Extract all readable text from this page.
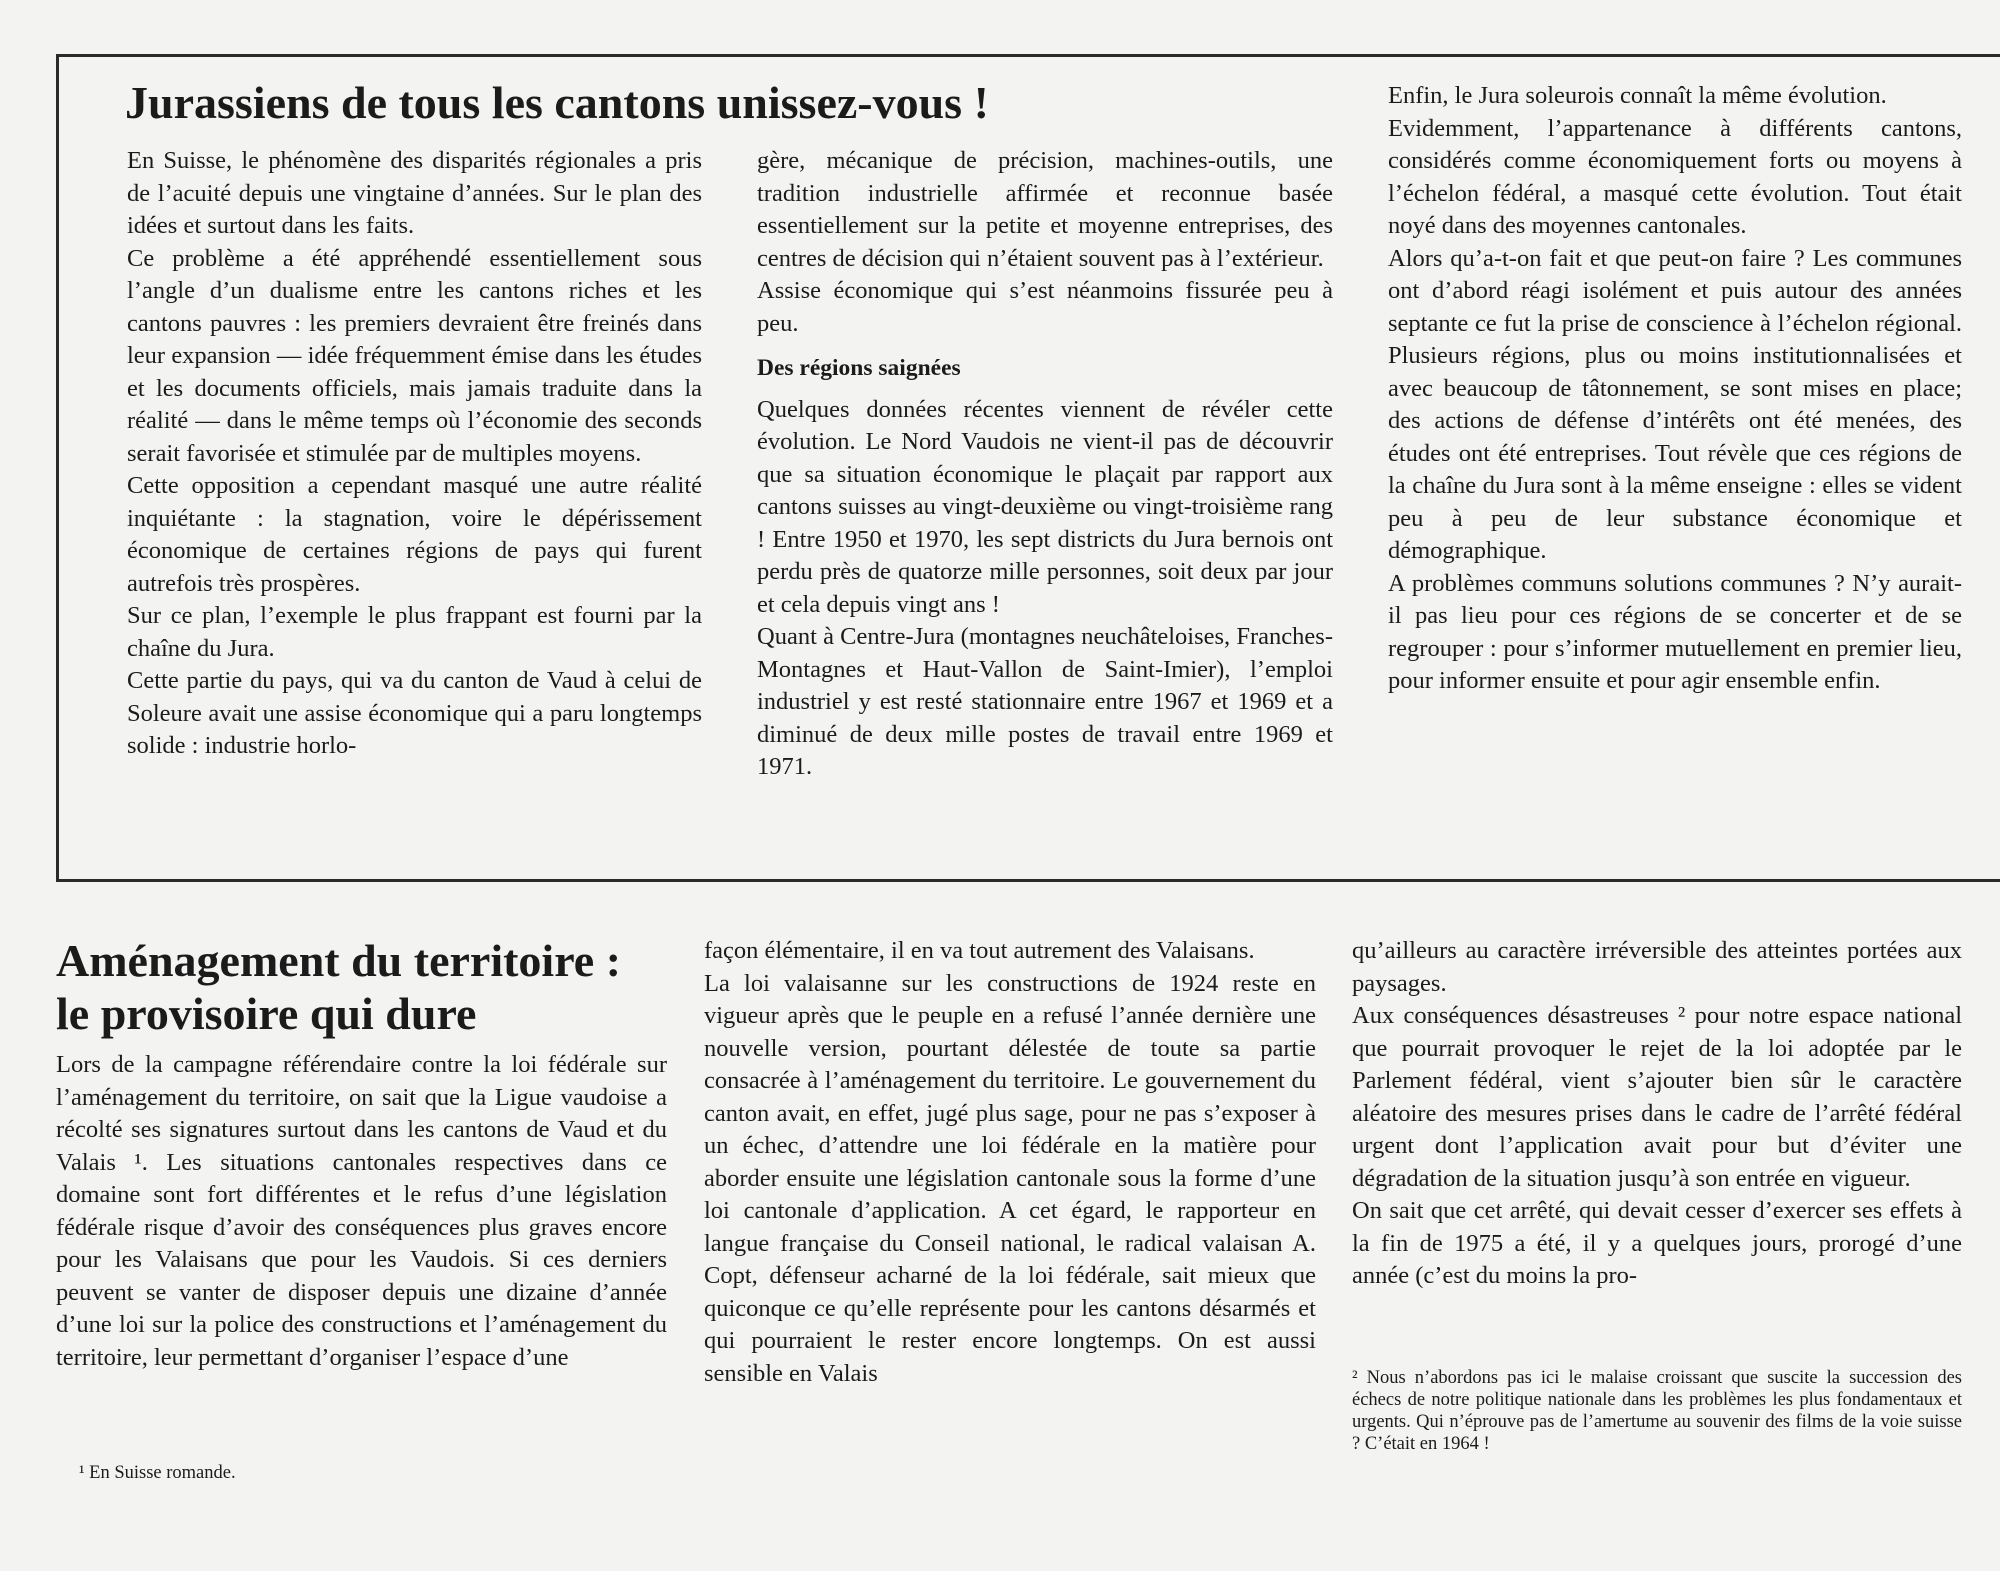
Jurassiens de tous les cantons unissez-vous !

En Suisse, le phénomène des disparités régionales a pris de l’acuité depuis une vingtaine d’années. Sur le plan des idées et surtout dans les faits.

Ce problème a été appréhendé essentiellement sous l’angle d’un dualisme entre les cantons riches et les cantons pauvres : les premiers devraient être freinés dans leur expansion — idée fréquemment émise dans les études et les documents officiels, mais jamais traduite dans la réalité — dans le même temps où l’économie des seconds serait favorisée et stimulée par de multiples moyens.

Cette opposition a cependant masqué une autre réalité inquiétante : la stagnation, voire le dépérissement économique de certaines régions de pays qui furent autrefois très prospères.

Sur ce plan, l’exemple le plus frappant est fourni par la chaîne du Jura.

Cette partie du pays, qui va du canton de Vaud à celui de Soleure avait une assise économique qui a paru longtemps solide : industrie horlo-

gère, mécanique de précision, machines-outils, une tradition industrielle affirmée et reconnue basée essentiellement sur la petite et moyenne entreprises, des centres de décision qui n’étaient souvent pas à l’extérieur.

Assise économique qui s’est néanmoins fissurée peu à peu.

Des régions saignées

Quelques données récentes viennent de révéler cette évolution. Le Nord Vaudois ne vient-il pas de découvrir que sa situation économique le plaçait par rapport aux cantons suisses au vingt-deuxième ou vingt-troisième rang ! Entre 1950 et 1970, les sept districts du Jura bernois ont perdu près de quatorze mille personnes, soit deux par jour et cela depuis vingt ans !

Quant à Centre-Jura (montagnes neuchâteloises, Franches-Montagnes et Haut-Vallon de Saint-Imier), l’emploi industriel y est resté stationnaire entre 1967 et 1969 et a diminué de deux mille postes de travail entre 1969 et 1971.

Enfin, le Jura soleurois connaît la même évolution.

Evidemment, l’appartenance à différents cantons, considérés comme économiquement forts ou moyens à l’échelon fédéral, a masqué cette évolution. Tout était noyé dans des moyennes cantonales.

Alors qu’a-t-on fait et que peut-on faire ? Les communes ont d’abord réagi isolément et puis autour des années septante ce fut la prise de conscience à l’échelon régional. Plusieurs régions, plus ou moins institutionnalisées et avec beaucoup de tâtonnement, se sont mises en place; des actions de défense d’intérêts ont été menées, des études ont été entreprises. Tout révèle que ces régions de la chaîne du Jura sont à la même enseigne : elles se vident peu à peu de leur substance économique et démographique.

A problèmes communs solutions communes ? N’y aurait-il pas lieu pour ces régions de se concerter et de se regrouper : pour s’informer mutuellement en premier lieu, pour informer ensuite et pour agir ensemble enfin.

Aménagement du territoire :
le provisoire qui dure

Lors de la campagne référendaire contre la loi fédérale sur l’aménagement du territoire, on sait que la Ligue vaudoise a récolté ses signatures surtout dans les cantons de Vaud et du Valais ¹. Les situations cantonales respectives dans ce domaine sont fort différentes et le refus d’une législation fédérale risque d’avoir des conséquences plus graves encore pour les Valaisans que pour les Vaudois. Si ces derniers peuvent se vanter de disposer depuis une dizaine d’année d’une loi sur la police des constructions et l’aménagement du territoire, leur permettant d’organiser l’espace d’une

¹ En Suisse romande.

façon élémentaire, il en va tout autrement des Valaisans.

La loi valaisanne sur les constructions de 1924 reste en vigueur après que le peuple en a refusé l’année dernière une nouvelle version, pourtant délestée de toute sa partie consacrée à l’aménagement du territoire. Le gouvernement du canton avait, en effet, jugé plus sage, pour ne pas s’exposer à un échec, d’attendre une loi fédérale en la matière pour aborder ensuite une législation cantonale sous la forme d’une loi cantonale d’application. A cet égard, le rapporteur en langue française du Conseil national, le radical valaisan A. Copt, défenseur acharné de la loi fédérale, sait mieux que quiconque ce qu’elle représente pour les cantons désarmés et qui pourraient le rester encore longtemps. On est aussi sensible en Valais

qu’ailleurs au caractère irréversible des atteintes portées aux paysages.

Aux conséquences désastreuses ² pour notre espace national que pourrait provoquer le rejet de la loi adoptée par le Parlement fédéral, vient s’ajouter bien sûr le caractère aléatoire des mesures prises dans le cadre de l’arrêté fédéral urgent dont l’application avait pour but d’éviter une dégradation de la situation jusqu’à son entrée en vigueur.

On sait que cet arrêté, qui devait cesser d’exercer ses effets à la fin de 1975 a été, il y a quelques jours, prorogé d’une année (c’est du moins la pro-

² Nous n’abordons pas ici le malaise croissant que suscite la succession des échecs de notre politique nationale dans les problèmes les plus fondamentaux et urgents. Qui n’éprouve pas de l’amertume au souvenir des films de la voie suisse ? C’était en 1964 !
